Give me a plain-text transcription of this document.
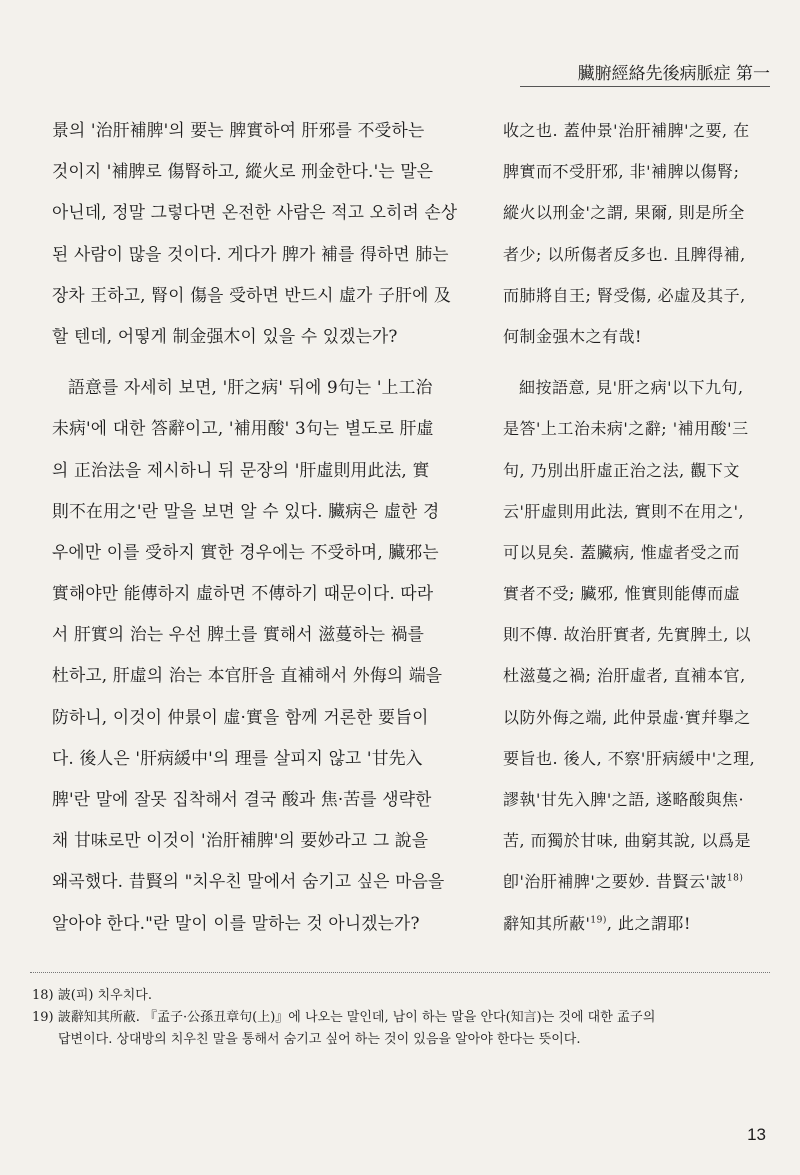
臟腑經絡先後病脈症 第一
景의 '治肝補脾'의 要는 脾實하여 肝邪를 不受하는
것이지 '補脾로 傷腎하고, 縱火로 刑金한다.'는 말은
아닌데, 정말 그렇다면 온전한 사람은 적고 오히려 손상
된 사람이 많을 것이다. 게다가 脾가 補를 得하면 肺는
장차 王하고, 腎이 傷을 受하면 반드시 虛가 子肝에 及
할 텐데, 어떻게 制金强木이 있을 수 있겠는가?
語意를 자세히 보면, '肝之病' 뒤에 9句는 '上工治
未病'에 대한 答辭이고, '補用酸' 3句는 별도로 肝虛
의 正治法을 제시하니 뒤 문장의 '肝虛則用此法, 實
則不在用之'란 말을 보면 알 수 있다. 臟病은 虛한 경
우에만 이를 受하지 實한 경우에는 不受하며, 臟邪는
實해야만 能傳하지 虛하면 不傳하기 때문이다. 따라
서 肝實의 治는 우선 脾土를 實해서 滋蔓하는 禍를
杜하고, 肝虛의 治는 本官肝을 直補해서 外侮의 端을
防하니, 이것이 仲景이 虛·實을 함께 거론한 要旨이
다. 後人은 '肝病緩中'의 理를 살피지 않고 '甘先入
脾'란 말에 잘못 집착해서 결국 酸과 焦·苦를 생략한
채 甘味로만 이것이 '治肝補脾'의 要妙라고 그 說을
왜곡했다. 昔賢의 "치우친 말에서 숨기고 싶은 마음을
알아야 한다."란 말이 이를 말하는 것 아니겠는가?
收之也. 蓋仲景'治肝補脾'之要, 在
脾實而不受肝邪, 非'補脾以傷腎;
縱火以刑金'之謂, 果爾, 則是所全
者少; 以所傷者反多也. 且脾得補,
而肺將自王; 腎受傷, 必虛及其子,
何制金强木之有哉!
細按語意, 見'肝之病'以下九句,
是答'上工治未病'之辭; '補用酸'三
句, 乃別出肝虛正治之法, 觀下文
云'肝虛則用此法, 實則不在用之',
可以見矣. 蓋臟病, 惟虛者受之而
實者不受; 臟邪, 惟實則能傳而虛
則不傳. 故治肝實者, 先實脾土, 以
杜滋蔓之禍; 治肝虛者, 直補本官,
以防外侮之端, 此仲景虛·實幷擧之
要旨也. 後人, 不察'肝病緩中'之理,
謬執'甘先入脾'之語, 遂略酸與焦·
苦, 而獨於甘味, 曲窮其說, 以爲是
卽'治肝補脾'之要妙. 昔賢云'詖$^{18)}$
辭知其所蔽'$^{19)}$, 此之謂耶!
18) 詖(피) 치우치다.
19) 詖辭知其所蔽. 『孟子·公孫丑章句(上)』에 나오는 말인데, 남이 하는 말을 안다(知言)는 것에 대한 孟子의
답변이다. 상대방의 치우친 말을 통해서 숨기고 싶어 하는 것이 있음을 알아야 한다는 뜻이다.
13
